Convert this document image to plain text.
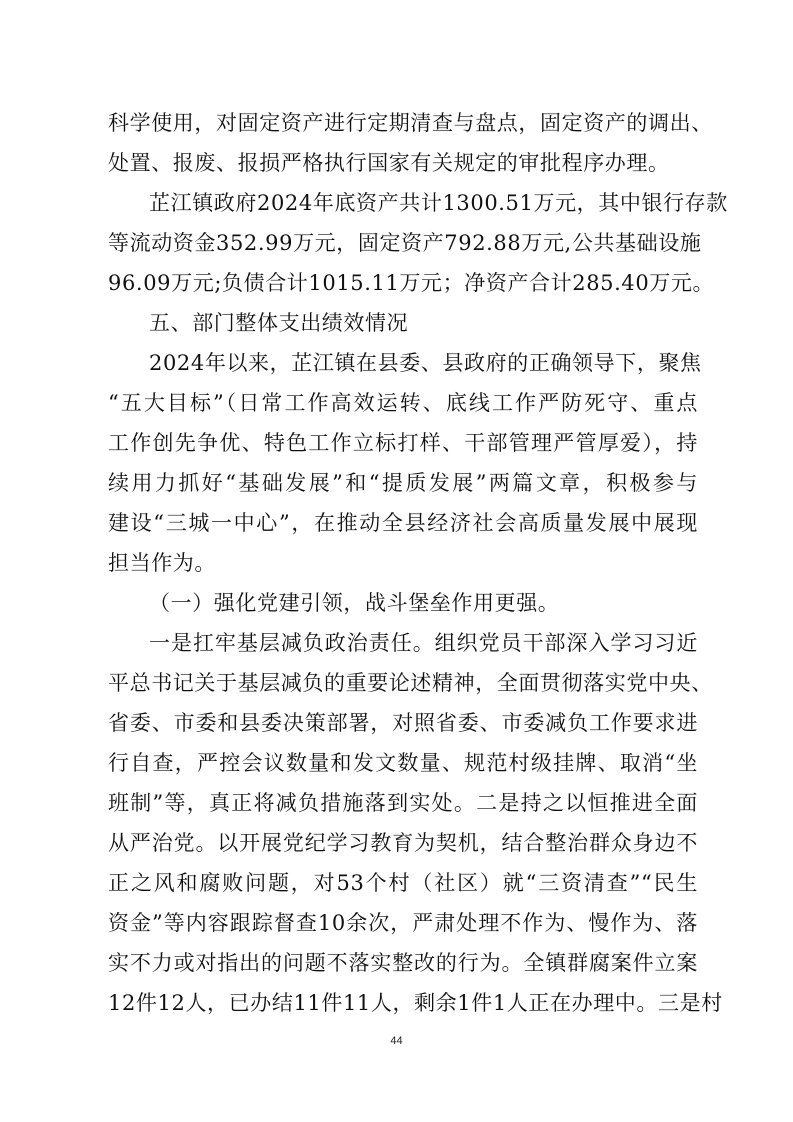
科学使用，对固定资产进行定期清查与盘点，固定资产的调出、
处置、报废、报损严格执行国家有关规定的审批程序办理。
芷江镇政府2024年底资产共计1300.51万元，其中银行存款
等流动资金352.99万元，固定资产792.88万元,公共基础设施
96.09万元;负债合计1015.11万元；净资产合计285.40万元。
五、部门整体支出绩效情况
2024年以来，芷江镇在县委、县政府的正确领导下，聚焦
“五大目标”（日常工作高效运转、底线工作严防死守、重点
工作创先争优、特色工作立标打样、干部管理严管厚爱），持
续用力抓好“基础发展”和“提质发展”两篇文章，积极参与
建设“三城一中心”，在推动全县经济社会高质量发展中展现
担当作为。
（一）强化党建引领，战斗堡垒作用更强。
一是扛牢基层减负政治责任。组织党员干部深入学习习近
平总书记关于基层减负的重要论述精神，全面贯彻落实党中央、
省委、市委和县委决策部署，对照省委、市委减负工作要求进
行自查，严控会议数量和发文数量、规范村级挂牌、取消“坐
班制”等，真正将减负措施落到实处。二是持之以恒推进全面
从严治党。以开展党纪学习教育为契机，结合整治群众身边不
正之风和腐败问题，对53个村（社区）就“三资清查”“民生
资金”等内容跟踪督查10余次，严肃处理不作为、慢作为、落
实不力或对指出的问题不落实整改的行为。全镇群腐案件立案
12件12人，已办结11件11人，剩余1件1人正在办理中。三是村
44
